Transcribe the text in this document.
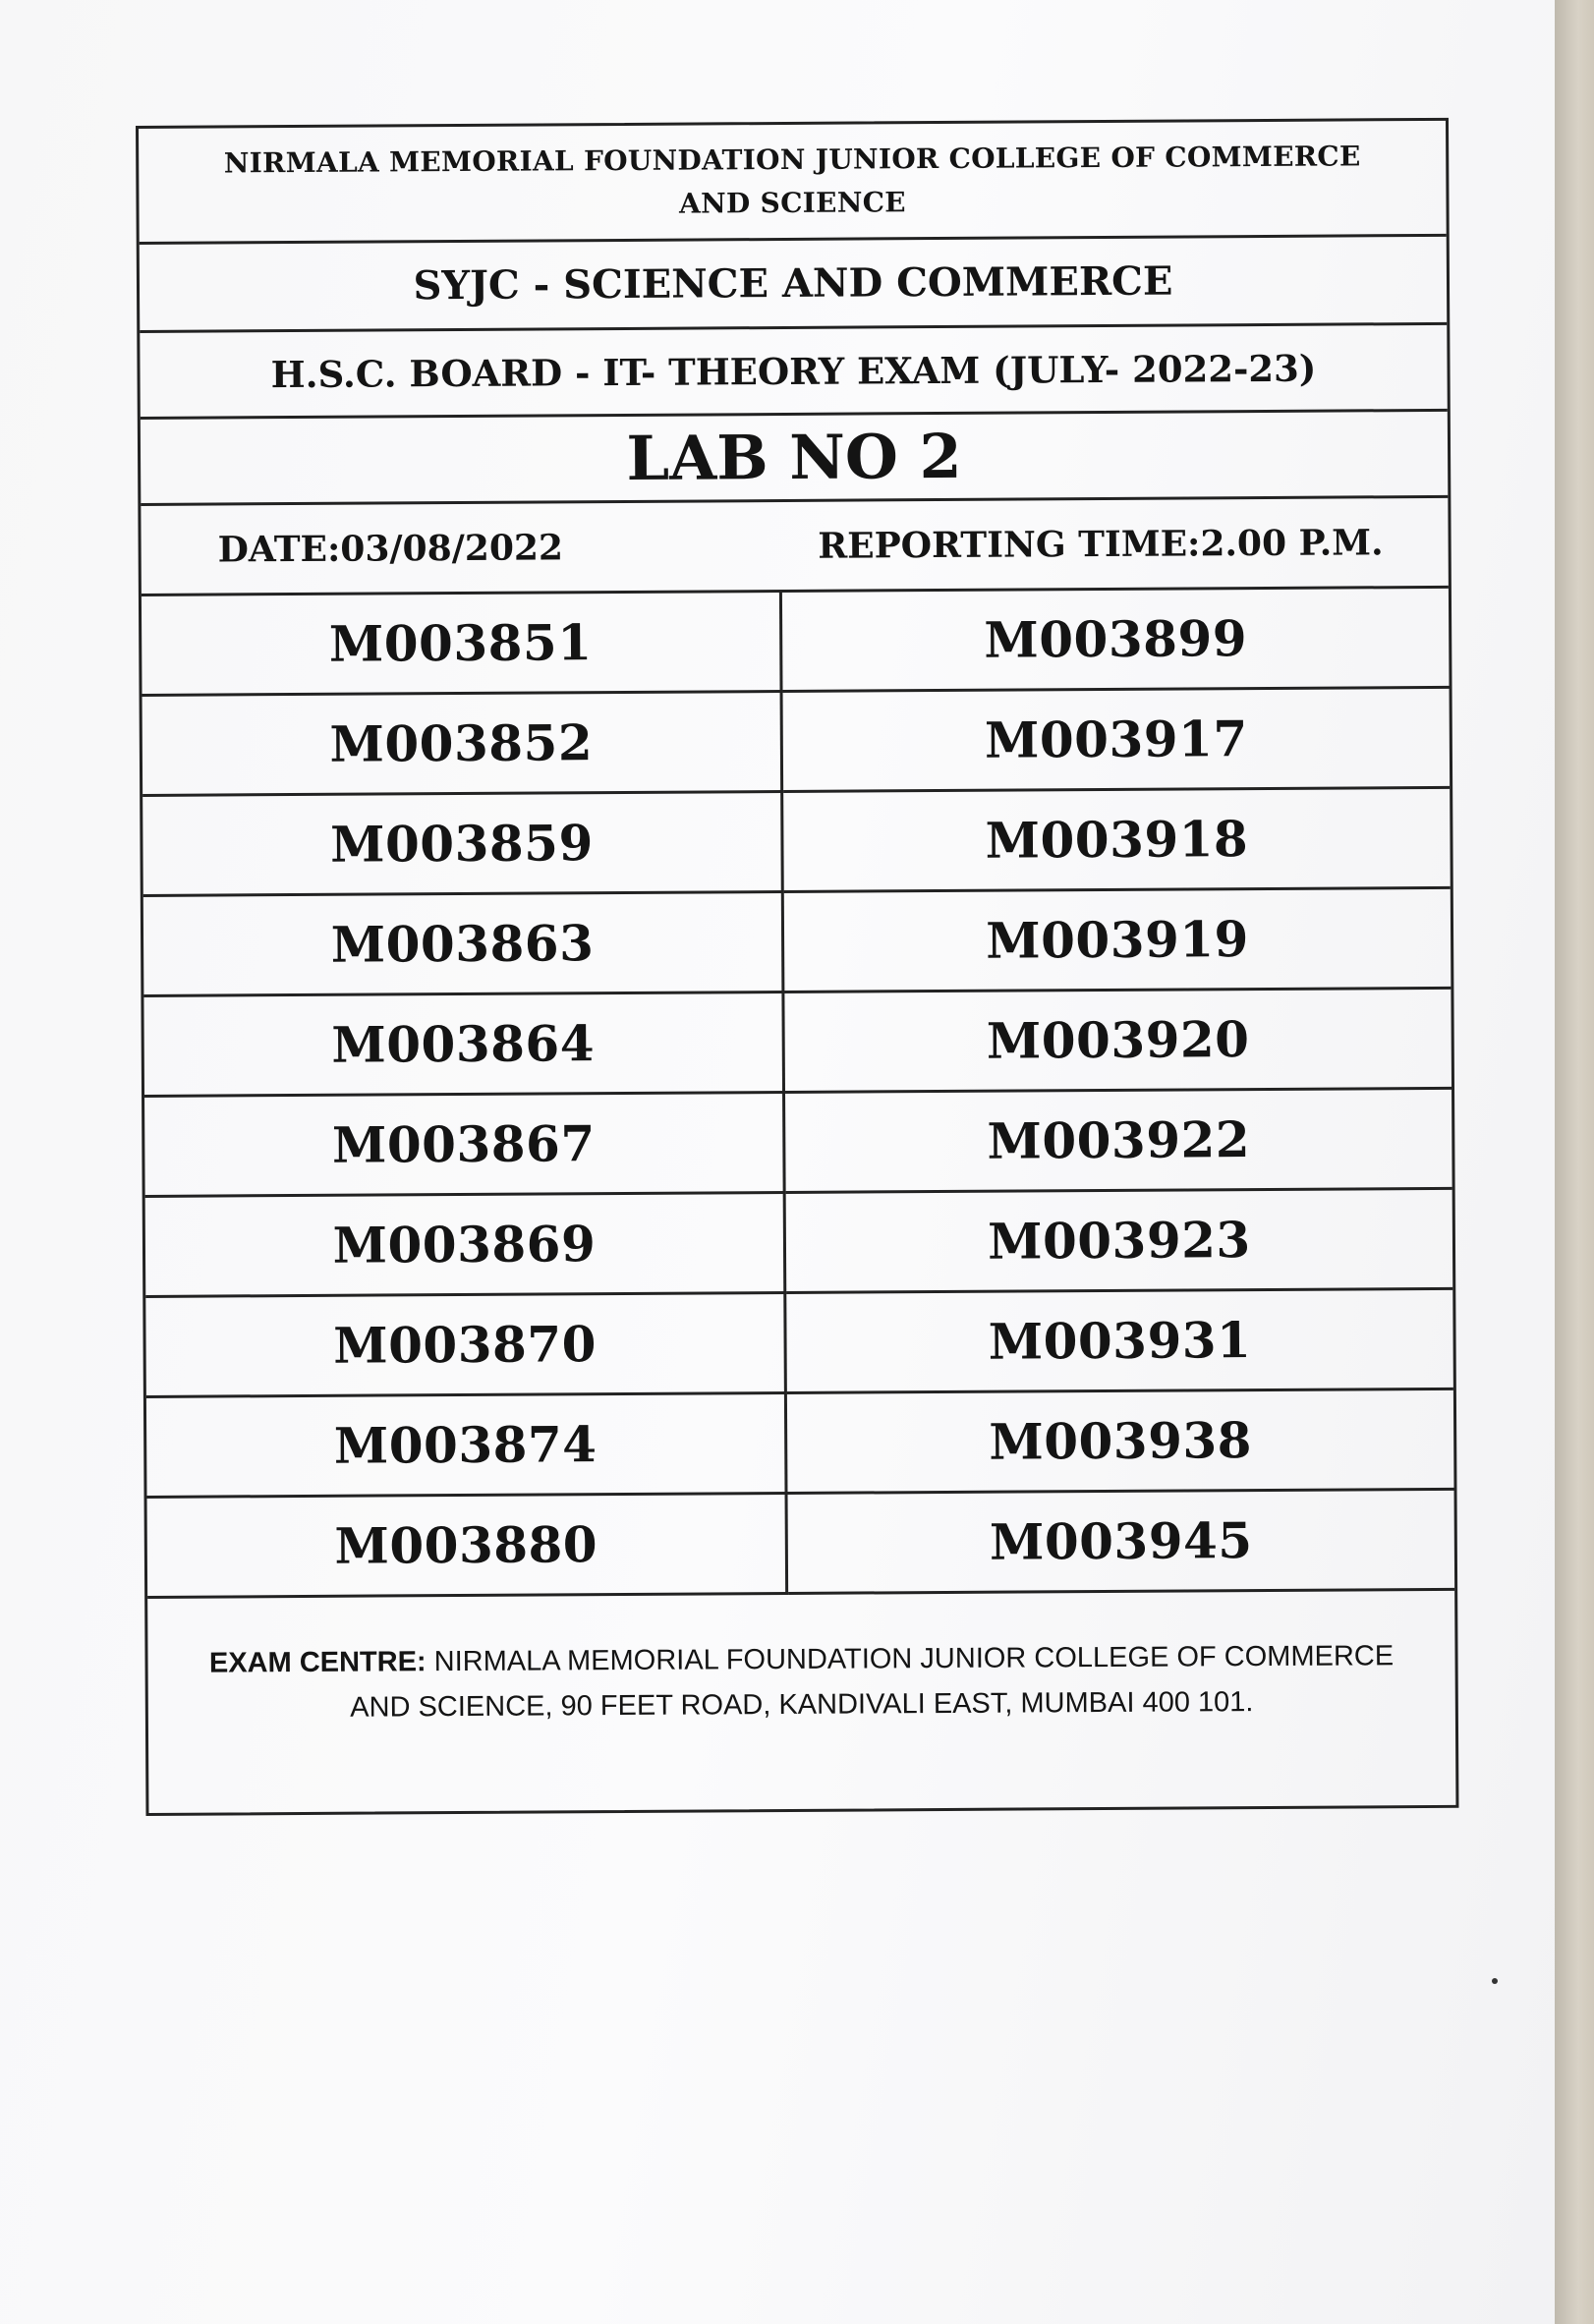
NIRMALA MEMORIAL FOUNDATION JUNIOR COLLEGE OF COMMERCE AND SCIENCE
SYJC - SCIENCE AND COMMERCE
H.S.C. BOARD - IT- THEORY EXAM (JULY- 2022-23)
LAB NO 2
DATE:03/08/2022	REPORTING TIME:2.00 P.M.
M003851	M003899
M003852	M003917
M003859	M003918
M003863	M003919
M003864	M003920
M003867	M003922
M003869	M003923
M003870	M003931
M003874	M003938
M003880	M003945
EXAM CENTRE: NIRMALA MEMORIAL FOUNDATION JUNIOR COLLEGE OF COMMERCE AND SCIENCE, 90 FEET ROAD, KANDIVALI EAST, MUMBAI 400 101.
